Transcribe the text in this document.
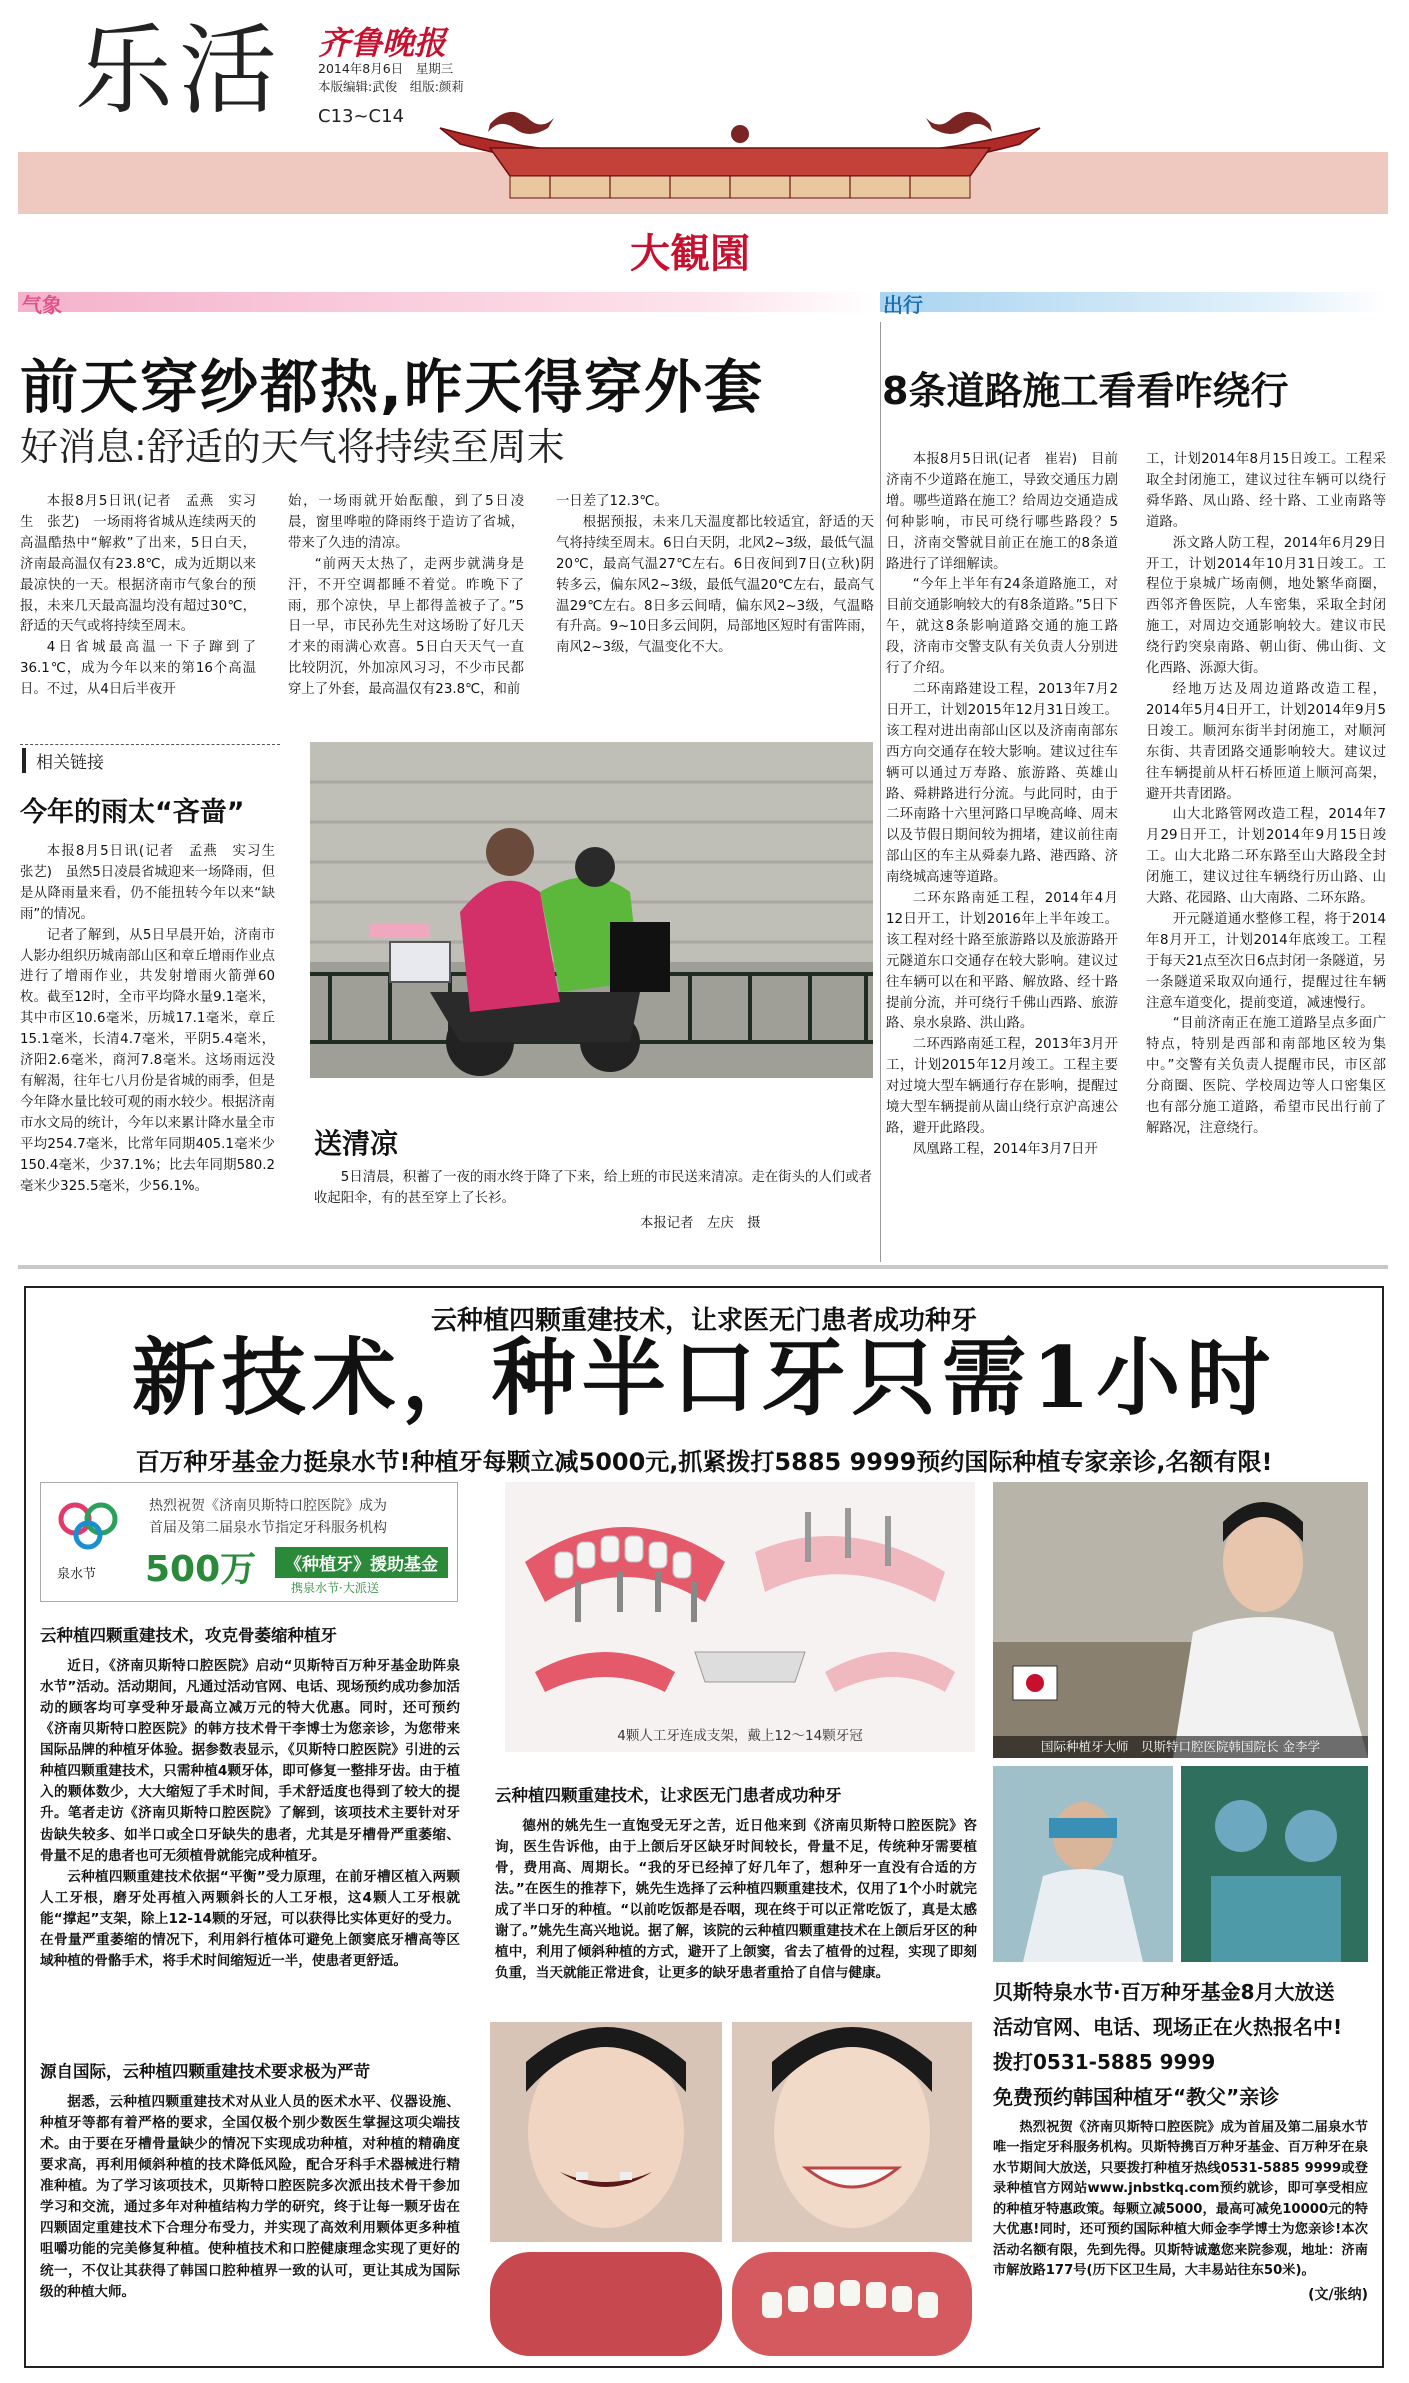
乐活 齐鲁晚报
2014年8月6日　星期三
本版编辑:武俊　组版:颜莉
C13~C14
大観園
气象	出行
前天穿纱都热,昨天得穿外套
好消息:舒适的天气将持续至周末

本报8月5日讯(记者　孟燕　实习生　张艺)　一场雨将省城从连续两天的高温酷热中“解救”了出来，5日白天，济南最高温仅有23.8℃，成为近期以来最凉快的一天。根据济南市气象台的预报，未来几天最高温均没有超过30℃，舒适的天气或将持续至周末。

4日省城最高温一下子蹿到了36.1℃，成为今年以来的第16个高温日。不过，从4日后半夜开

始，一场雨就开始酝酿，到了5日凌晨，窗里哗啦的降雨终于造访了省城，带来了久违的清凉。

“前两天太热了，走两步就满身是汗，不开空调都睡不着觉。昨晚下了雨，那个凉快，早上都得盖被子了。”5日一早，市民孙先生对这场盼了好几天才来的雨满心欢喜。5日白天天气一直比较阴沉，外加凉风习习，不少市民都穿上了外套，最高温仅有23.8℃，和前

一日差了12.3℃。

根据预报，未来几天温度都比较适宜，舒适的天气将持续至周末。6日白天阴，北风2~3级，最低气温20℃，最高气温27℃左右。6日夜间到7日(立秋)阴转多云，偏东风2~3级，最低气温20℃左右，最高气温29℃左右。8日多云间晴，偏东风2~3级，气温略有升高。9~10日多云间阴，局部地区短时有雷阵雨，南风2~3级，气温变化不大。

相关链接
今年的雨太“吝啬”

本报8月5日讯(记者　孟燕　实习生　张艺)　虽然5日凌晨省城迎来一场降雨，但是从降雨量来看，仍不能扭转今年以来“缺雨”的情况。

记者了解到，从5日早晨开始，济南市人影办组织历城南部山区和章丘增雨作业点进行了增雨作业，共发射增雨火箭弹60枚。截至12时，全市平均降水量9.1毫米，其中市区10.6毫米，历城17.1毫米，章丘15.1毫米，长清4.7毫米，平阴5.4毫米，济阳2.6毫米，商河7.8毫米。这场雨远没有解渴，往年七八月份是省城的雨季，但是今年降水量比较可观的雨水较少。根据济南市水文局的统计，今年以来累计降水量全市平均254.7毫米，比常年同期405.1毫米少150.4毫米，少37.1%；比去年同期580.2毫米少325.5毫米，少56.1%。

送清凉

5日清晨，积蓄了一夜的雨水终于降了下来，给上班的市民送来清凉。走在街头的人们或者收起阳伞，有的甚至穿上了长衫。

本报记者　左庆　摄
8条道路施工看看咋绕行

本报8月5日讯(记者　崔岩)　目前济南不少道路在施工，导致交通压力剧增。哪些道路在施工？给周边交通造成何种影响，市民可绕行哪些路段？5日，济南交警就目前正在施工的8条道路进行了详细解读。

“今年上半年有24条道路施工，对目前交通影响较大的有8条道路。”5日下午，就这8条影响道路交通的施工路段，济南市交警支队有关负责人分别进行了介绍。

二环南路建设工程，2013年7月2日开工，计划2015年12月31日竣工。该工程对进出南部山区以及济南南部东西方向交通存在较大影响。建议过往车辆可以通过万寿路、旅游路、英雄山路、舜耕路进行分流。与此同时，由于二环南路十六里河路口早晚高峰、周末以及节假日期间较为拥堵，建议前往南部山区的车主从舜泰九路、港西路、济南绕城高速等道路。

二环东路南延工程，2014年4月12日开工，计划2016年上半年竣工。该工程对经十路至旅游路以及旅游路开元隧道东口交通存在较大影响。建议过往车辆可以在和平路、解放路、经十路提前分流，并可绕行千佛山西路、旅游路、泉水泉路、洪山路。

二环西路南延工程，2013年3月开工，计划2015年12月竣工。工程主要对过境大型车辆通行存在影响，提醒过境大型车辆提前从崮山绕行京沪高速公路，避开此路段。

凤凰路工程，2014年3月7日开

工，计划2014年8月15日竣工。工程采取全封闭施工，建议过往车辆可以绕行舜华路、凤山路、经十路、工业南路等道路。

泺文路人防工程，2014年6月29日开工，计划2014年10月31日竣工。工程位于泉城广场南侧，地处繁华商圈，西邻齐鲁医院，人车密集，采取全封闭施工，对周边交通影响较大。建议市民绕行趵突泉南路、朝山街、佛山街、文化西路、泺源大街。

经地万达及周边道路改造工程，2014年5月4日开工，计划2014年9月5日竣工。顺河东街半封闭施工，对顺河东街、共青团路交通影响较大。建议过往车辆提前从杆石桥匝道上顺河高架，避开共青团路。

山大北路管网改造工程，2014年7月29日开工，计划2014年9月15日竣工。山大北路二环东路至山大路段全封闭施工，建议过往车辆绕行历山路、山大路、花园路、山大南路、二环东路。

开元隧道通水整修工程，将于2014年8月开工，计划2014年底竣工。工程于每天21点至次日6点封闭一条隧道，另一条隧道采取双向通行，提醒过往车辆注意车道变化，提前变道，减速慢行。

“目前济南正在施工道路呈点多面广特点，特别是西部和南部地区较为集中。”交警有关负责人提醒市民，市区部分商圈、医院、学校周边等人口密集区也有部分施工道路，希望市民出行前了解路况，注意绕行。

云种植四颗重建技术，让求医无门患者成功种牙
新技术，种半口牙只需1小时
百万种牙基金力挺泉水节!种植牙每颗立减5000元,抓紧拨打5885 9999预约国际种植专家亲诊,名额有限!
泉水节
热烈祝贺《济南贝斯特口腔医院》成为
首届及第二届泉水节指定牙科服务机构
500万	《种植牙》援助基金
携泉水节·大派送
云种植四颗重建技术，攻克骨萎缩种植牙

近日，《济南贝斯特口腔医院》启动“贝斯特百万种牙基金助阵泉水节”活动。活动期间，凡通过活动官网、电话、现场预约成功参加活动的顾客均可享受种牙最高立减万元的特大优惠。同时，还可预约《济南贝斯特口腔医院》的韩方技术骨干李博士为您亲诊，为您带来国际品牌的种植牙体验。据参数表显示，《贝斯特口腔医院》引进的云种植四颗重建技术，只需种植4颗牙体，即可修复一整排牙齿。由于植入的颗体数少，大大缩短了手术时间，手术舒适度也得到了较大的提升。笔者走访《济南贝斯特口腔医院》了解到，该项技术主要针对牙齿缺失较多、如半口或全口牙缺失的患者，尤其是牙槽骨严重萎缩、骨量不足的患者也可无须植骨就能完成种植牙。

云种植四颗重建技术依据“平衡”受力原理，在前牙槽区植入两颗人工牙根，磨牙处再植入两颗斜长的人工牙根，这4颗人工牙根就能“撑起”支架，除上12-14颗的牙冠，可以获得比实体更好的受力。在骨量严重萎缩的情况下，利用斜行植体可避免上颌窦底牙槽高等区域种植的骨骼手术，将手术时间缩短近一半，使患者更舒适。

源自国际，云种植四颗重建技术要求极为严苛

据悉，云种植四颗重建技术对从业人员的医术水平、仪器设施、种植牙等都有着严格的要求，全国仅极个别少数医生掌握这项尖端技术。由于要在牙槽骨量缺少的情况下实现成功种植，对种植的精确度要求高，再利用倾斜种植的技术降低风险，配合牙科手术器械进行精准种植。为了学习该项技术，贝斯特口腔医院多次派出技术骨干参加学习和交流，通过多年对种植结构力学的研究，终于让每一颗牙齿在四颗固定重建技术下合理分布受力，并实现了高效利用颗体更多种植咀嚼功能的完美修复种植。使种植技术和口腔健康理念实现了更好的统一，不仅让其获得了韩国口腔种植界一致的认可，更让其成为国际级的种植大师。

4颗人工牙连成支架，戴上12～14颗牙冠
云种植四颗重建技术，让求医无门患者成功种牙

德州的姚先生一直饱受无牙之苦，近日他来到《济南贝斯特口腔医院》咨询，医生告诉他，由于上颌后牙区缺牙时间较长，骨量不足，传统种牙需要植骨，费用高、周期长。“我的牙已经掉了好几年了，想种牙一直没有合适的方法。”在医生的推荐下，姚先生选择了云种植四颗重建技术，仅用了1个小时就完成了半口牙的种植。“以前吃饭都是吞咽，现在终于可以正常吃饭了，真是太感谢了。”姚先生高兴地说。据了解，该院的云种植四颗重建技术在上颌后牙区的种植中，利用了倾斜种植的方式，避开了上颌窦，省去了植骨的过程，实现了即刻负重，当天就能正常进食，让更多的缺牙患者重拾了自信与健康。

国际种植牙大师　贝斯特口腔医院韩国院长 金李学
贝斯特泉水节·百万种牙基金8月大放送
活动官网、电话、现场正在火热报名中!
拨打0531-5885 9999
免费预约韩国种植牙“教父”亲诊

热烈祝贺《济南贝斯特口腔医院》成为首届及第二届泉水节唯一指定牙科服务机构。贝斯特携百万种牙基金、百万种牙在泉水节期间大放送，只要拨打种植牙热线0531-5885 9999或登录种植官方网站www.jnbstkq.com预约就诊，即可享受相应的种植牙特惠政策。每颗立减5000，最高可减免10000元的特大优惠!同时，还可预约国际种植大师金李学博士为您亲诊!本次活动名额有限，先到先得。贝斯特诚邀您来院参观，地址：济南市解放路177号(历下区卫生局，大丰易站往东50米)。

(文/张纳)
